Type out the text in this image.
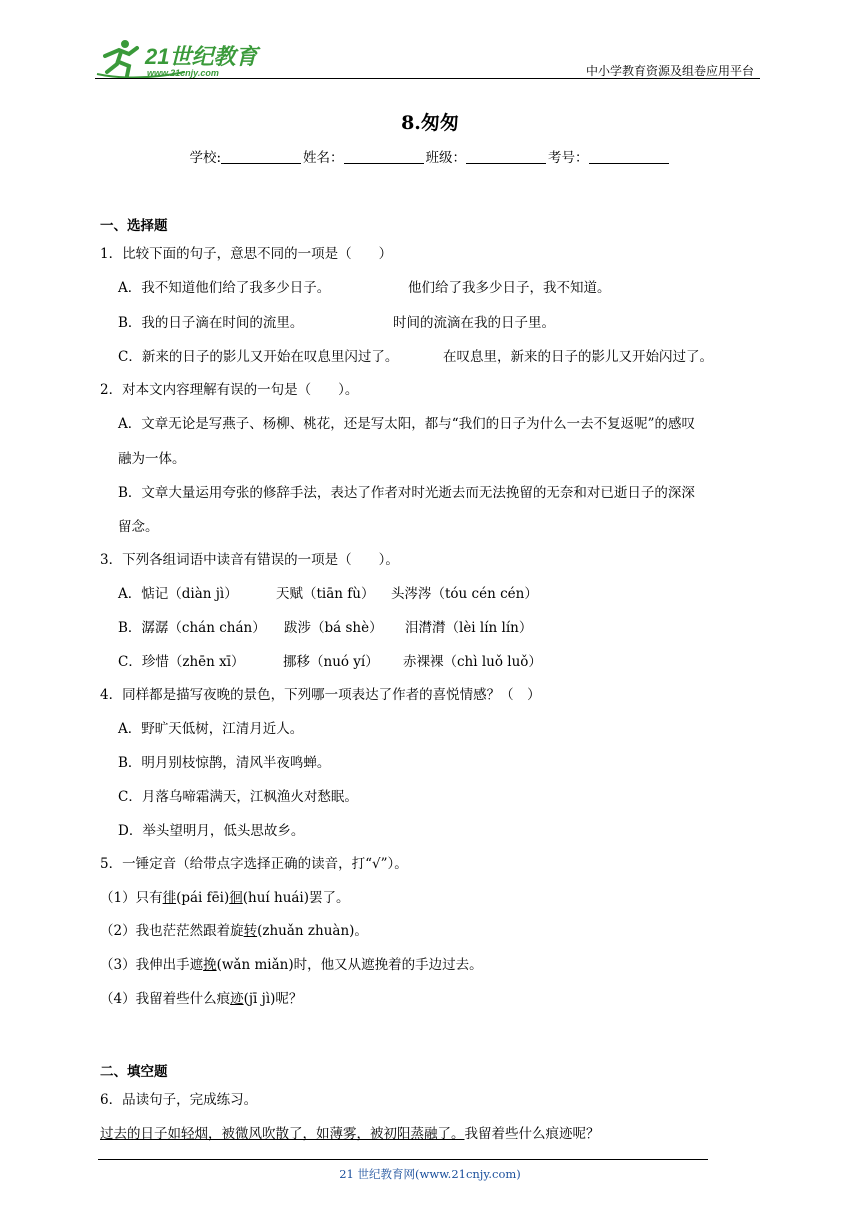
21世纪教育
www.21cnjy.com	中小学教育资源及组卷应用平台
8.匆匆
学校:	姓名：	班级：	考号：
一、选择题
1．比较下面的句子，意思不同的一项是（　　）
A．我不知道他们给了我多少日子。	他们给了我多少日子，我不知道。
B．我的日子滴在时间的流里。	时间的流滴在我的日子里。
C．新来的日子的影儿又开始在叹息里闪过了。	在叹息里，新来的日子的影儿又开始闪过了。
2．对本文内容理解有误的一句是（　　）。
A．文章无论是写燕子、杨柳、桃花，还是写太阳，都与“我们的日子为什么一去不复返呢”的感叹
融为一体。
B．文章大量运用夸张的修辞手法，表达了作者对时光逝去而无法挽留的无奈和对已逝日子的深深
留念。
3．下列各组词语中读音有错误的一项是（　　）。
A．惦记（diàn jì）	天赋（tiān fù） 头涔涔（tóu cén cén）
B．潺潺（chán chán） 跋涉（bá shè） 泪潸潸（lèi lín lín）
C．珍惜（zhēn xī）	挪移（nuó yí） 赤裸裸（chì luǒ luǒ）
4．同样都是描写夜晚的景色，下列哪一项表达了作者的喜悦情感？（　）
A．野旷天低树，江清月近人。
B．明月别枝惊鹊，清风半夜鸣蝉。
C．月落乌啼霜满天，江枫渔火对愁眠。
D．举头望明月，低头思故乡。
5．一锤定音（给带点字选择正确的读音，打“√”）。
（1）只有徘(pái fēi)徊(huí huái)罢了。
（2）我也茫茫然跟着旋转(zhuǎn zhuàn)。
（3）我伸出手遮挽(wǎn miǎn)时，他又从遮挽着的手边过去。
（4）我留着些什么痕迹(jī jì)呢？
二、填空题
6．品读句子，完成练习。
过去的日子如轻烟，被微风吹散了，如薄雾，被初阳蒸融了。我留着些什么痕迹呢？
21 世纪教育网(www.21cnjy.com)
